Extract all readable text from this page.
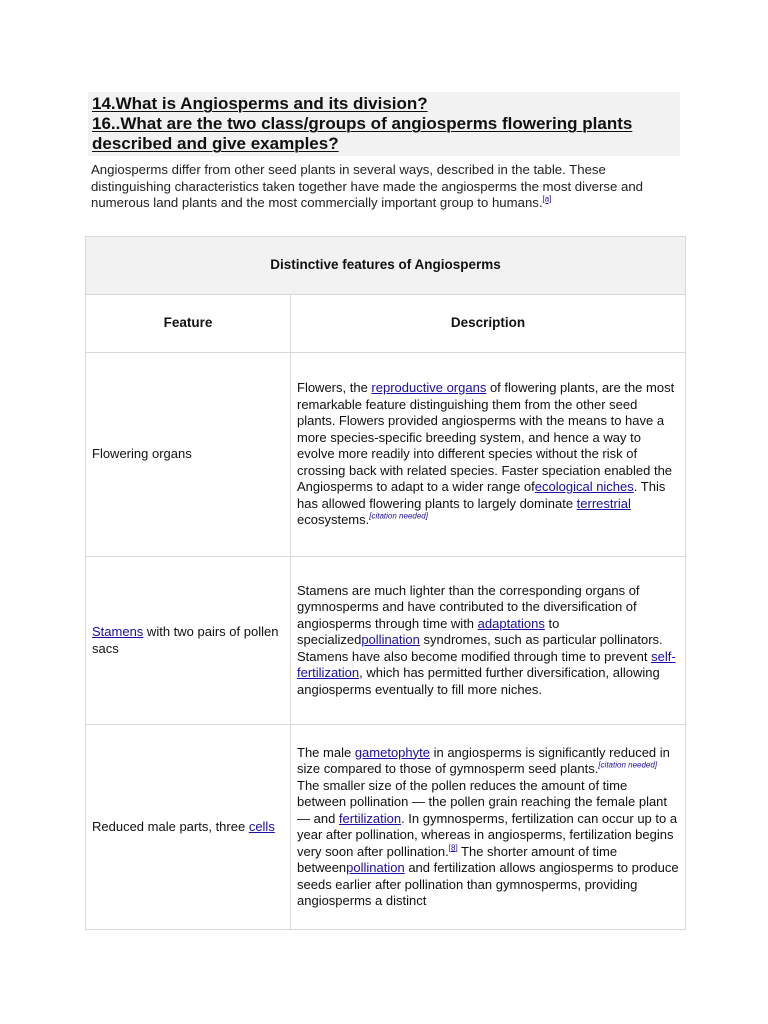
14.What is Angiosperms and its division?
16..What are the two class/groups of angiosperms flowering plants described and give examples?
Angiosperms differ from other seed plants in several ways, described in the table. These distinguishing characteristics taken together have made the angiosperms the most diverse and numerous land plants and the most commercially important group to humans.[a]
Distinctive features of Angiosperms	
Feature	Description
Flowering organs	Flowers, the reproductive organs of flowering plants, are the most remarkable feature distinguishing them from the other seed plants. Flowers provided angiosperms with the means to have a more species-specific breeding system, and hence a way to evolve more readily into different species without the risk of crossing back with related species. Faster speciation enabled the Angiosperms to adapt to a wider range ofecological niches. This has allowed flowering plants to largely dominate terrestrial ecosystems.[citation needed]
Stamens with two pairs of pollen sacs	Stamens are much lighter than the corresponding organs of gymnosperms and have contributed to the diversification of angiosperms through time with adaptations to specializedpollination syndromes, such as particular pollinators. Stamens have also become modified through time to prevent self-fertilization, which has permitted further diversification, allowing angiosperms eventually to fill more niches.
Reduced male parts, three cells	The male gametophyte in angiosperms is significantly reduced in size compared to those of gymnosperm seed plants.[citation needed] The smaller size of the pollen reduces the amount of time between pollination — the pollen grain reaching the female plant — and fertilization. In gymnosperms, fertilization can occur up to a year after pollination, whereas in angiosperms, fertilization begins very soon after pollination.[8] The shorter amount of time betweenpollination and fertilization allows angiosperms to produce seeds earlier after pollination than gymnosperms, providing angiosperms a distinct
